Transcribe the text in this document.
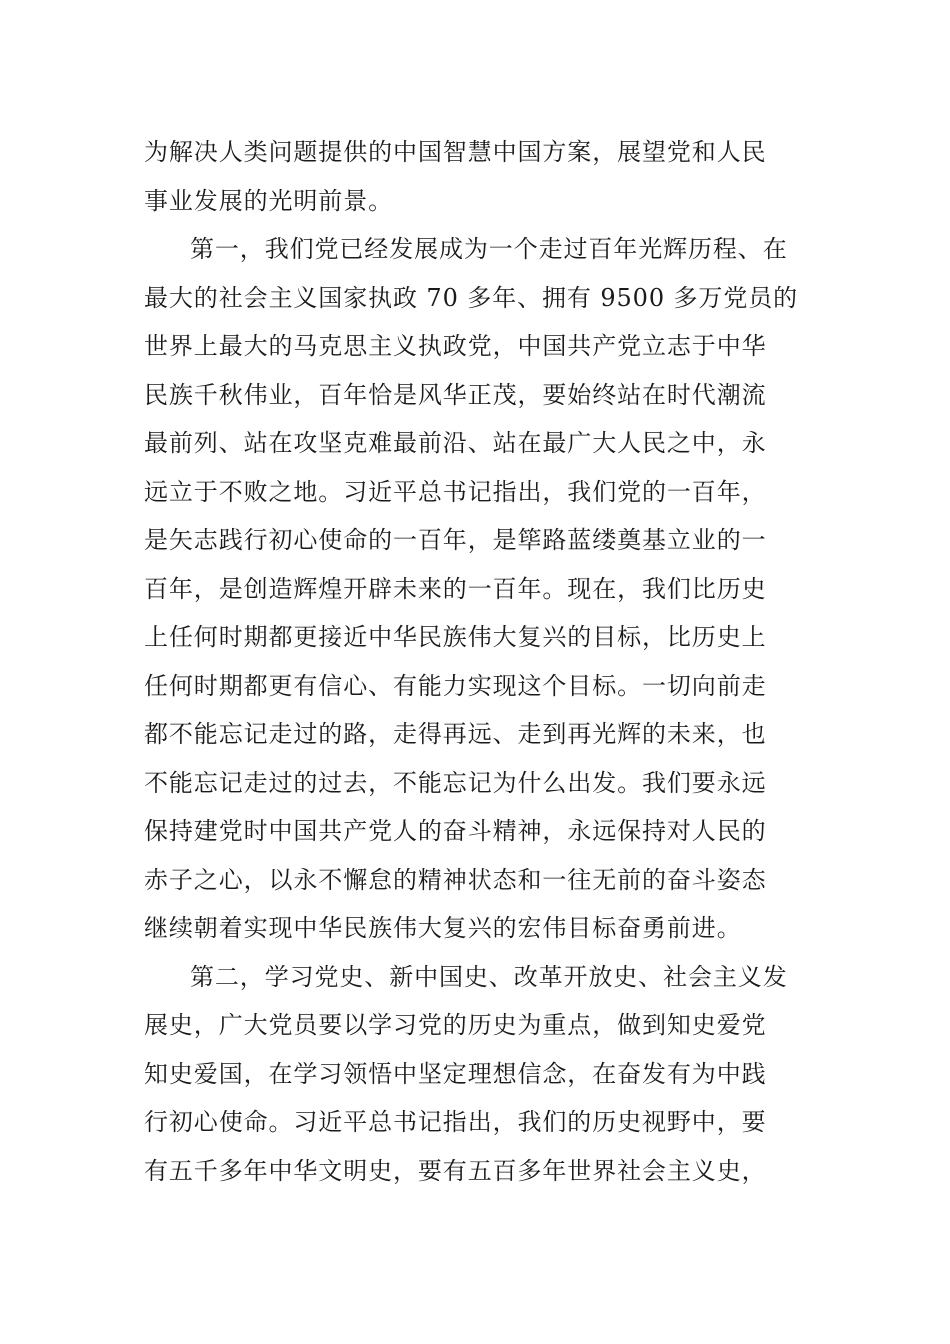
为解决人类问题提供的中国智慧中国方案，展望党和人民
事业发展的光明前景。
第一，我们党已经发展成为一个走过百年光辉历程、在
最大的社会主义国家执政 70 多年、拥有 9500 多万党员的
世界上最大的马克思主义执政党，中国共产党立志于中华
民族千秋伟业，百年恰是风华正茂，要始终站在时代潮流
最前列、站在攻坚克难最前沿、站在最广大人民之中，永
远立于不败之地。习近平总书记指出，我们党的一百年，
是矢志践行初心使命的一百年，是筚路蓝缕奠基立业的一
百年，是创造辉煌开辟未来的一百年。现在，我们比历史
上任何时期都更接近中华民族伟大复兴的目标，比历史上
任何时期都更有信心、有能力实现这个目标。一切向前走
都不能忘记走过的路，走得再远、走到再光辉的未来，也
不能忘记走过的过去，不能忘记为什么出发。我们要永远
保持建党时中国共产党人的奋斗精神，永远保持对人民的
赤子之心，以永不懈怠的精神状态和一往无前的奋斗姿态
继续朝着实现中华民族伟大复兴的宏伟目标奋勇前进。
第二，学习党史、新中国史、改革开放史、社会主义发
展史，广大党员要以学习党的历史为重点，做到知史爱党
知史爱国，在学习领悟中坚定理想信念，在奋发有为中践
行初心使命。习近平总书记指出，我们的历史视野中，要
有五千多年中华文明史，要有五百多年世界社会主义史，
